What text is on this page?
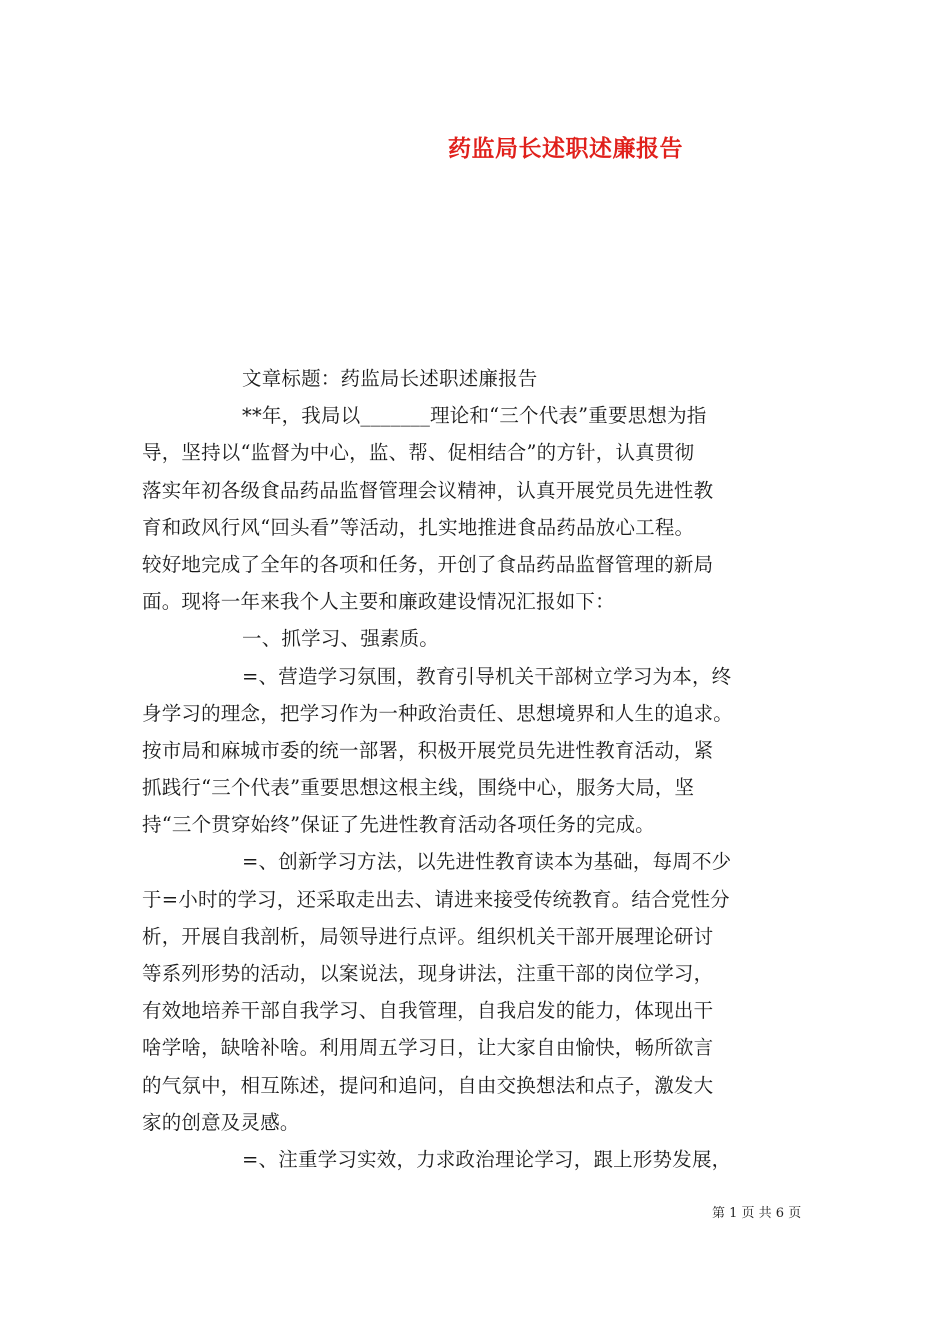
药监局长述职述廉报告
文章标题：药监局长述职述廉报告
**年，我局以_______理论和“三个代表”重要思想为指
导，坚持以“监督为中心，监、帮、促相结合”的方针，认真贯彻
落实年初各级食品药品监督管理会议精神，认真开展党员先进性教
育和政风行风“回头看”等活动，扎实地推进食品药品放心工程。
较好地完成了全年的各项和任务，开创了食品药品监督管理的新局
面。现将一年来我个人主要和廉政建设情况汇报如下：
一、抓学习、强素质。
=、营造学习氛围，教育引导机关干部树立学习为本，终
身学习的理念，把学习作为一种政治责任、思想境界和人生的追求。
按市局和麻城市委的统一部署，积极开展党员先进性教育活动，紧
抓践行“三个代表”重要思想这根主线，围绕中心，服务大局，坚
持“三个贯穿始终”保证了先进性教育活动各项任务的完成。
=、创新学习方法，以先进性教育读本为基础，每周不少
于=小时的学习，还采取走出去、请进来接受传统教育。结合党性分
析，开展自我剖析，局领导进行点评。组织机关干部开展理论研讨
等系列形势的活动，以案说法，现身讲法，注重干部的岗位学习，
有效地培养干部自我学习、自我管理，自我启发的能力，体现出干
啥学啥，缺啥补啥。利用周五学习日，让大家自由愉快，畅所欲言
的气氛中，相互陈述，提问和追问，自由交换想法和点子，激发大
家的创意及灵感。
=、注重学习实效，力求政治理论学习，跟上形势发展，
第 1 页 共 6 页
